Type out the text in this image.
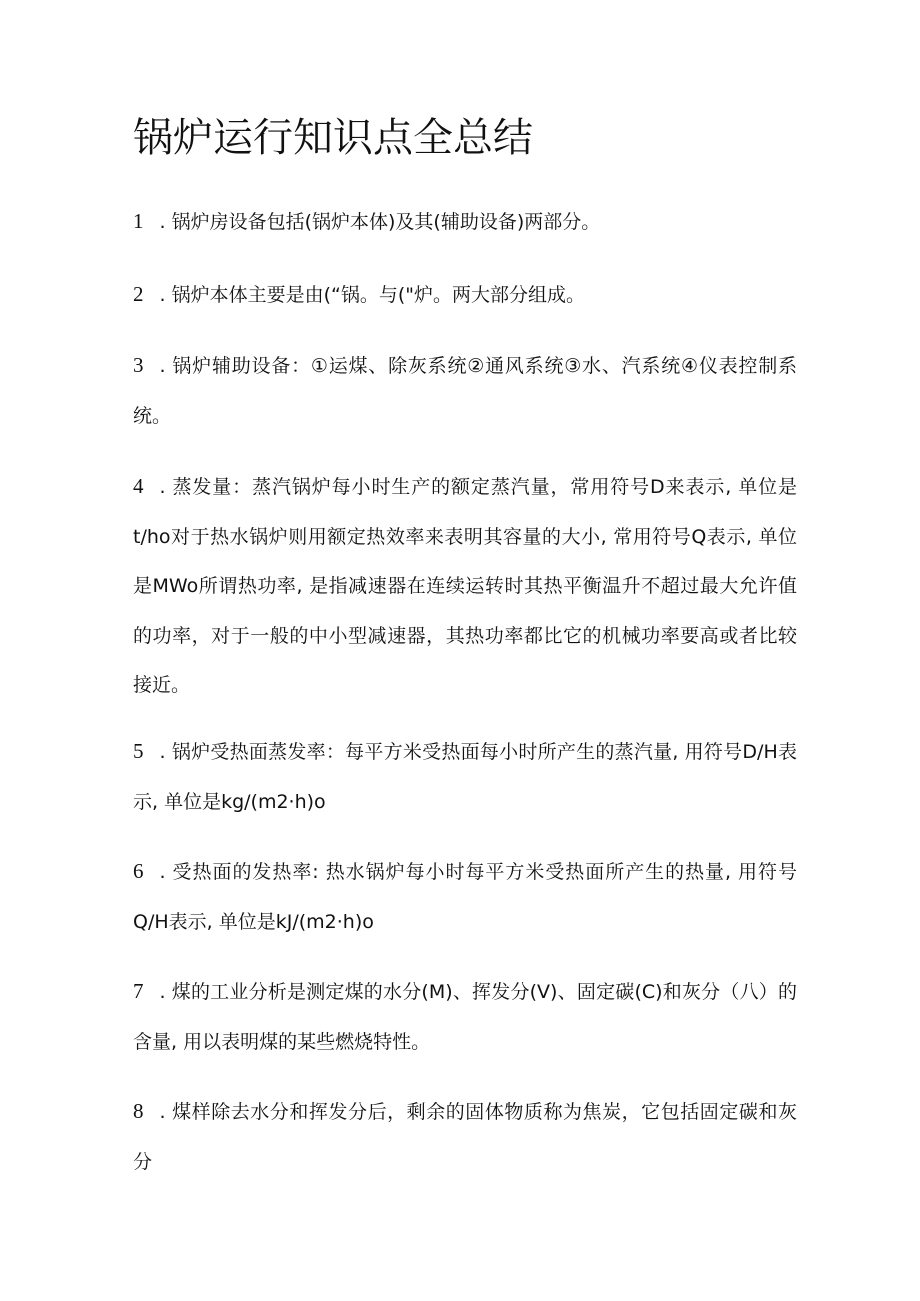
锅炉运行知识点全总结

1 . 锅炉房设备包括(锅炉本体)及其(辅助设备)两部分。

2 . 锅炉本体主要是由(“锅。与("炉。两大部分组成。

3 . 锅炉辅助设备：①运煤、除灰系统②通风系统③水、汽系统④仪表控制系统。

4 . 蒸发量：蒸汽锅炉每小时生产的额定蒸汽量，常用符号D来表示, 单位是t/ho对于热水锅炉则用额定热效率来表明其容量的大小, 常用符号Q表示, 单位是MWo所谓热功率, 是指减速器在连续运转时其热平衡温升不超过最大允许值的功率，对于一般的中小型减速器，其热功率都比它的机械功率要高或者比较接近。

5 . 锅炉受热面蒸发率：每平方米受热面每小时所产生的蒸汽量, 用符号D/H表示, 单位是kg/(m2·h)o

6 . 受热面的发热率: 热水锅炉每小时每平方米受热面所产生的热量, 用符号Q/H表示, 单位是kJ/(m2·h)o

7 . 煤的工业分析是测定煤的水分(M)、挥发分(V)、固定碳(C)和灰分（八）的含量, 用以表明煤的某些燃烧特性。

8 . 煤样除去水分和挥发分后，剩余的固体物质称为焦炭，它包括固定碳和灰分
